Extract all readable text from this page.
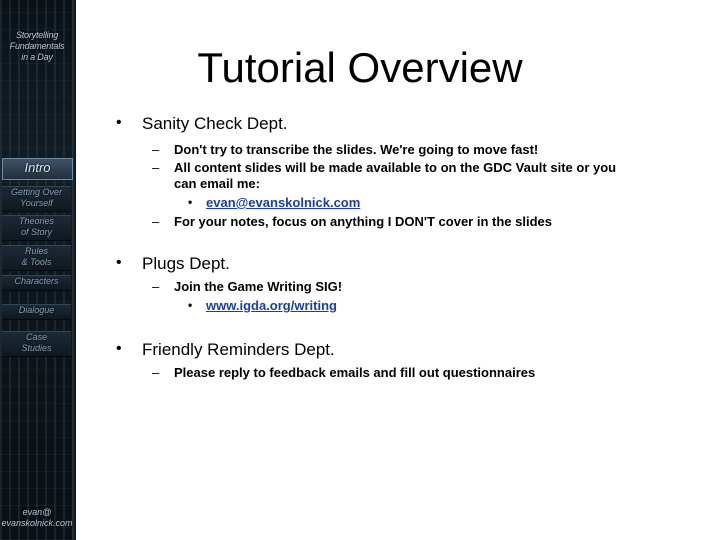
Storytelling
Fundamentals
in a Day
Intro
Getting Over
Yourself
Theories
of Story
Rules
& Tools
Characters
Dialogue
Case
Studies
evan@
evanskolnick.com
Tutorial Overview
• Sanity Check Dept.
– Don't try to transcribe the slides. We're going to move fast!
– All content slides will be made available to on the GDC Vault site or you
can email me:
• evan@evanskolnick.com
– For your notes, focus on anything I DON'T cover in the slides
• Plugs Dept.
– Join the Game Writing SIG!
• www.igda.org/writing
• Friendly Reminders Dept.
– Please reply to feedback emails and fill out questionnaires
